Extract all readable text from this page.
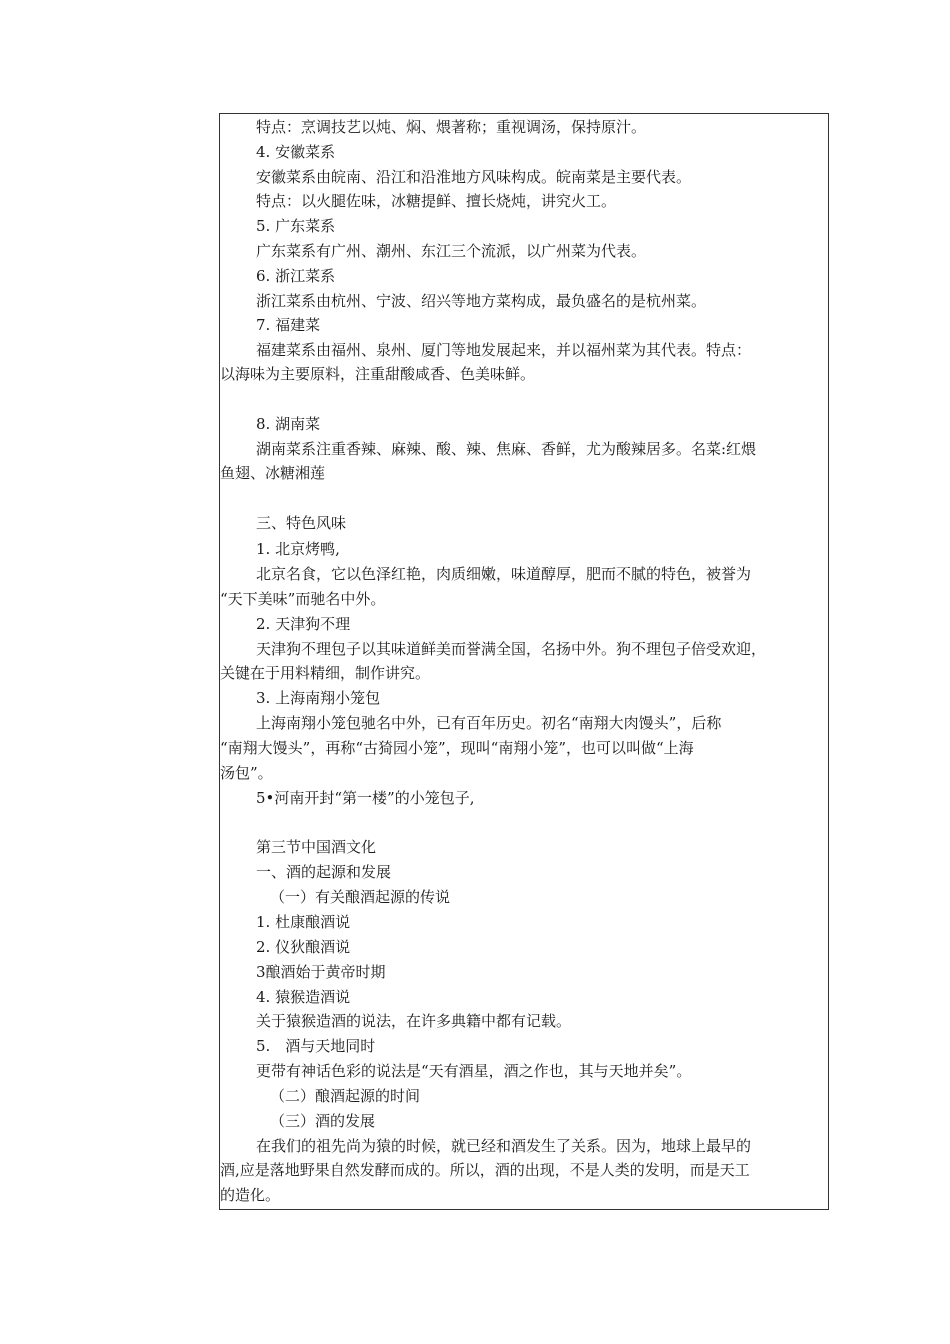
特点：烹调技艺以炖、焖、煨著称；重视调汤，保持原汁。
4. 安徽菜系
安徽菜系由皖南、沿江和沿淮地方风味构成。皖南菜是主要代表。
特点：以火腿佐味，冰糖提鲜、擅长烧炖，讲究火工。
5. 广东菜系
广东菜系有广州、潮州、东江三个流派，以广州菜为代表。
6. 浙江菜系
浙江菜系由杭州、宁波、绍兴等地方菜构成，最负盛名的是杭州菜。
7. 福建菜
福建菜系由福州、泉州、厦门等地发展起来，并以福州菜为其代表。特点：
以海味为主要原料，注重甜酸咸香、色美味鲜。
8. 湖南菜
湖南菜系注重香辣、麻辣、酸、辣、焦麻、香鲜，尤为酸辣居多。名菜:红煨
鱼翅、冰糖湘莲
三、特色风味
1. 北京烤鸭,
北京名食，它以色泽红艳，肉质细嫩，味道醇厚，肥而不腻的特色，被誉为
“天下美味”而驰名中外。
2. 天津狗不理
天津狗不理包子以其味道鲜美而誉满全国，名扬中外。狗不理包子倍受欢迎，
关键在于用料精细，制作讲究。
3. 上海南翔小笼包
上海南翔小笼包驰名中外，已有百年历史。初名“南翔大肉馒头”，后称
“南翔大馒头”，再称“古猗园小笼”，现叫“南翔小笼”，也可以叫做“上海
汤包”。
5•河南开封“第一楼”的小笼包子,
第三节中国酒文化
一、酒的起源和发展
（一）有关酿酒起源的传说
1. 杜康酿酒说
2. 仪狄酿酒说
3酿酒始于黄帝时期
4. 猿猴造酒说
关于猿猴造酒的说法，在许多典籍中都有记载。
5.　酒与天地同时
更带有神话色彩的说法是“天有酒星，酒之作也，其与天地并矣”。
（二）酿酒起源的时间
（三）酒的发展
在我们的祖先尚为猿的时候，就已经和酒发生了关系。因为，地球上最早的
酒,应是落地野果自然发酵而成的。所以，酒的出现，不是人类的发明，而是天工
的造化。
